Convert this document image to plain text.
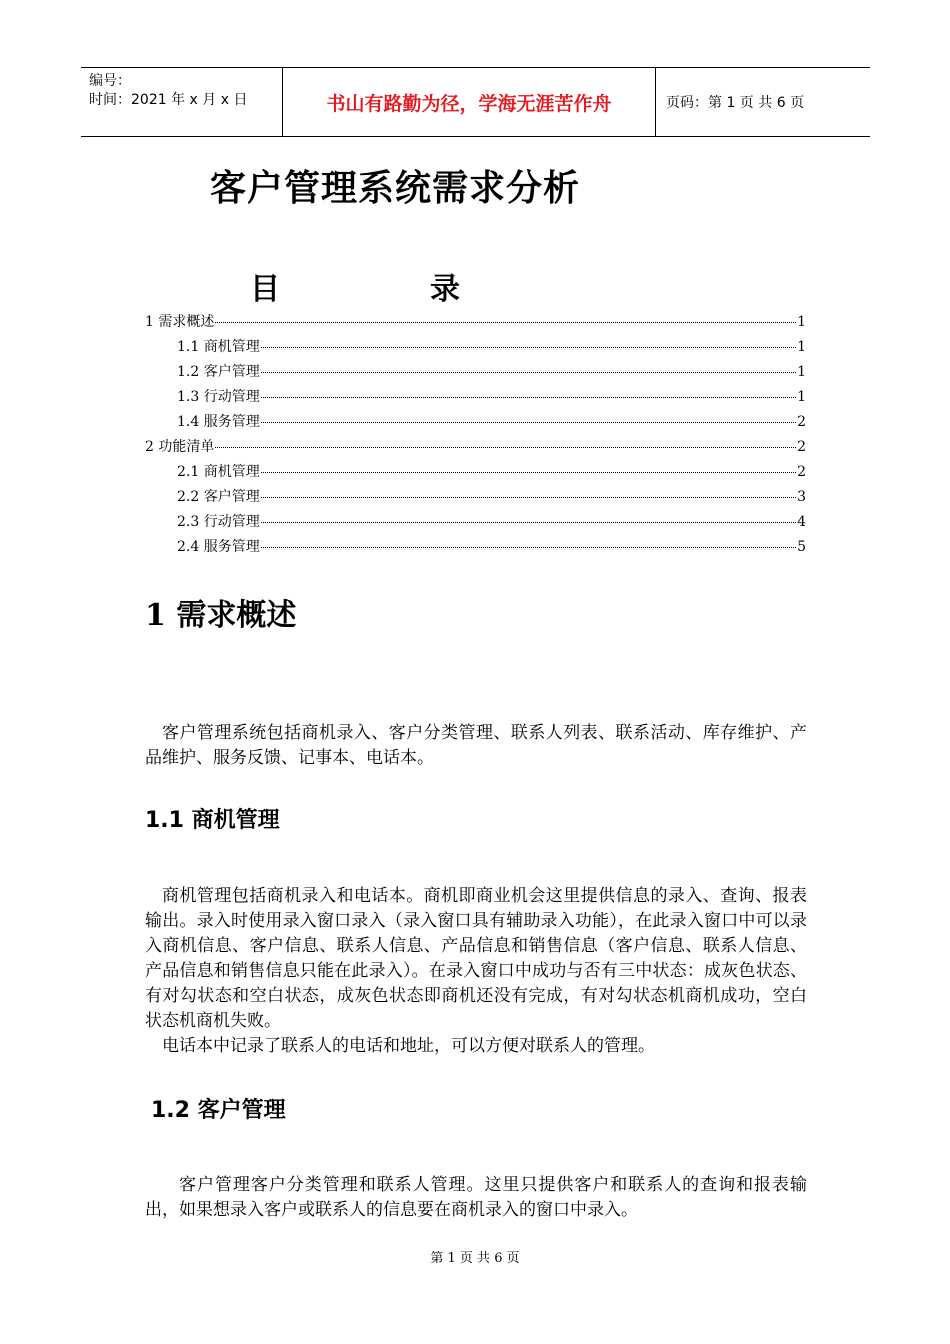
编号：
时间：2021 年 x 月 x 日	书山有路勤为径，学海无涯苦作舟	页码：第 1 页 共 6 页
客户管理系统需求分析
目	录
1 需求概述	1
1.1 商机管理	1
1.2 客户管理	1
1.3 行动管理	1
1.4 服务管理	2
2 功能清单	2
2.1 商机管理	2
2.2 客户管理	3
2.3 行动管理	4
2.4 服务管理	5
1 需求概述
客户管理系统包括商机录入、客户分类管理、联系人列表、联系活动、库存维护、产品维护、服务反馈、记事本、电话本。
1.1 商机管理
商机管理包括商机录入和电话本。商机即商业机会这里提供信息的录入、查询、报表输出。录入时使用录入窗口录入（录入窗口具有辅助录入功能），在此录入窗口中可以录入商机信息、客户信息、联系人信息、产品信息和销售信息（客户信息、联系人信息、产品信息和销售信息只能在此录入）。在录入窗口中成功与否有三中状态：成灰色状态、有对勾状态和空白状态，成灰色状态即商机还没有完成，有对勾状态机商机成功，空白状态机商机失败。
电话本中记录了联系人的电话和地址，可以方便对联系人的管理。
1.2 客户管理
客户管理客户分类管理和联系人管理。这里只提供客户和联系人的查询和报表输出，如果想录入客户或联系人的信息要在商机录入的窗口中录入。
第 1 页 共 6 页
